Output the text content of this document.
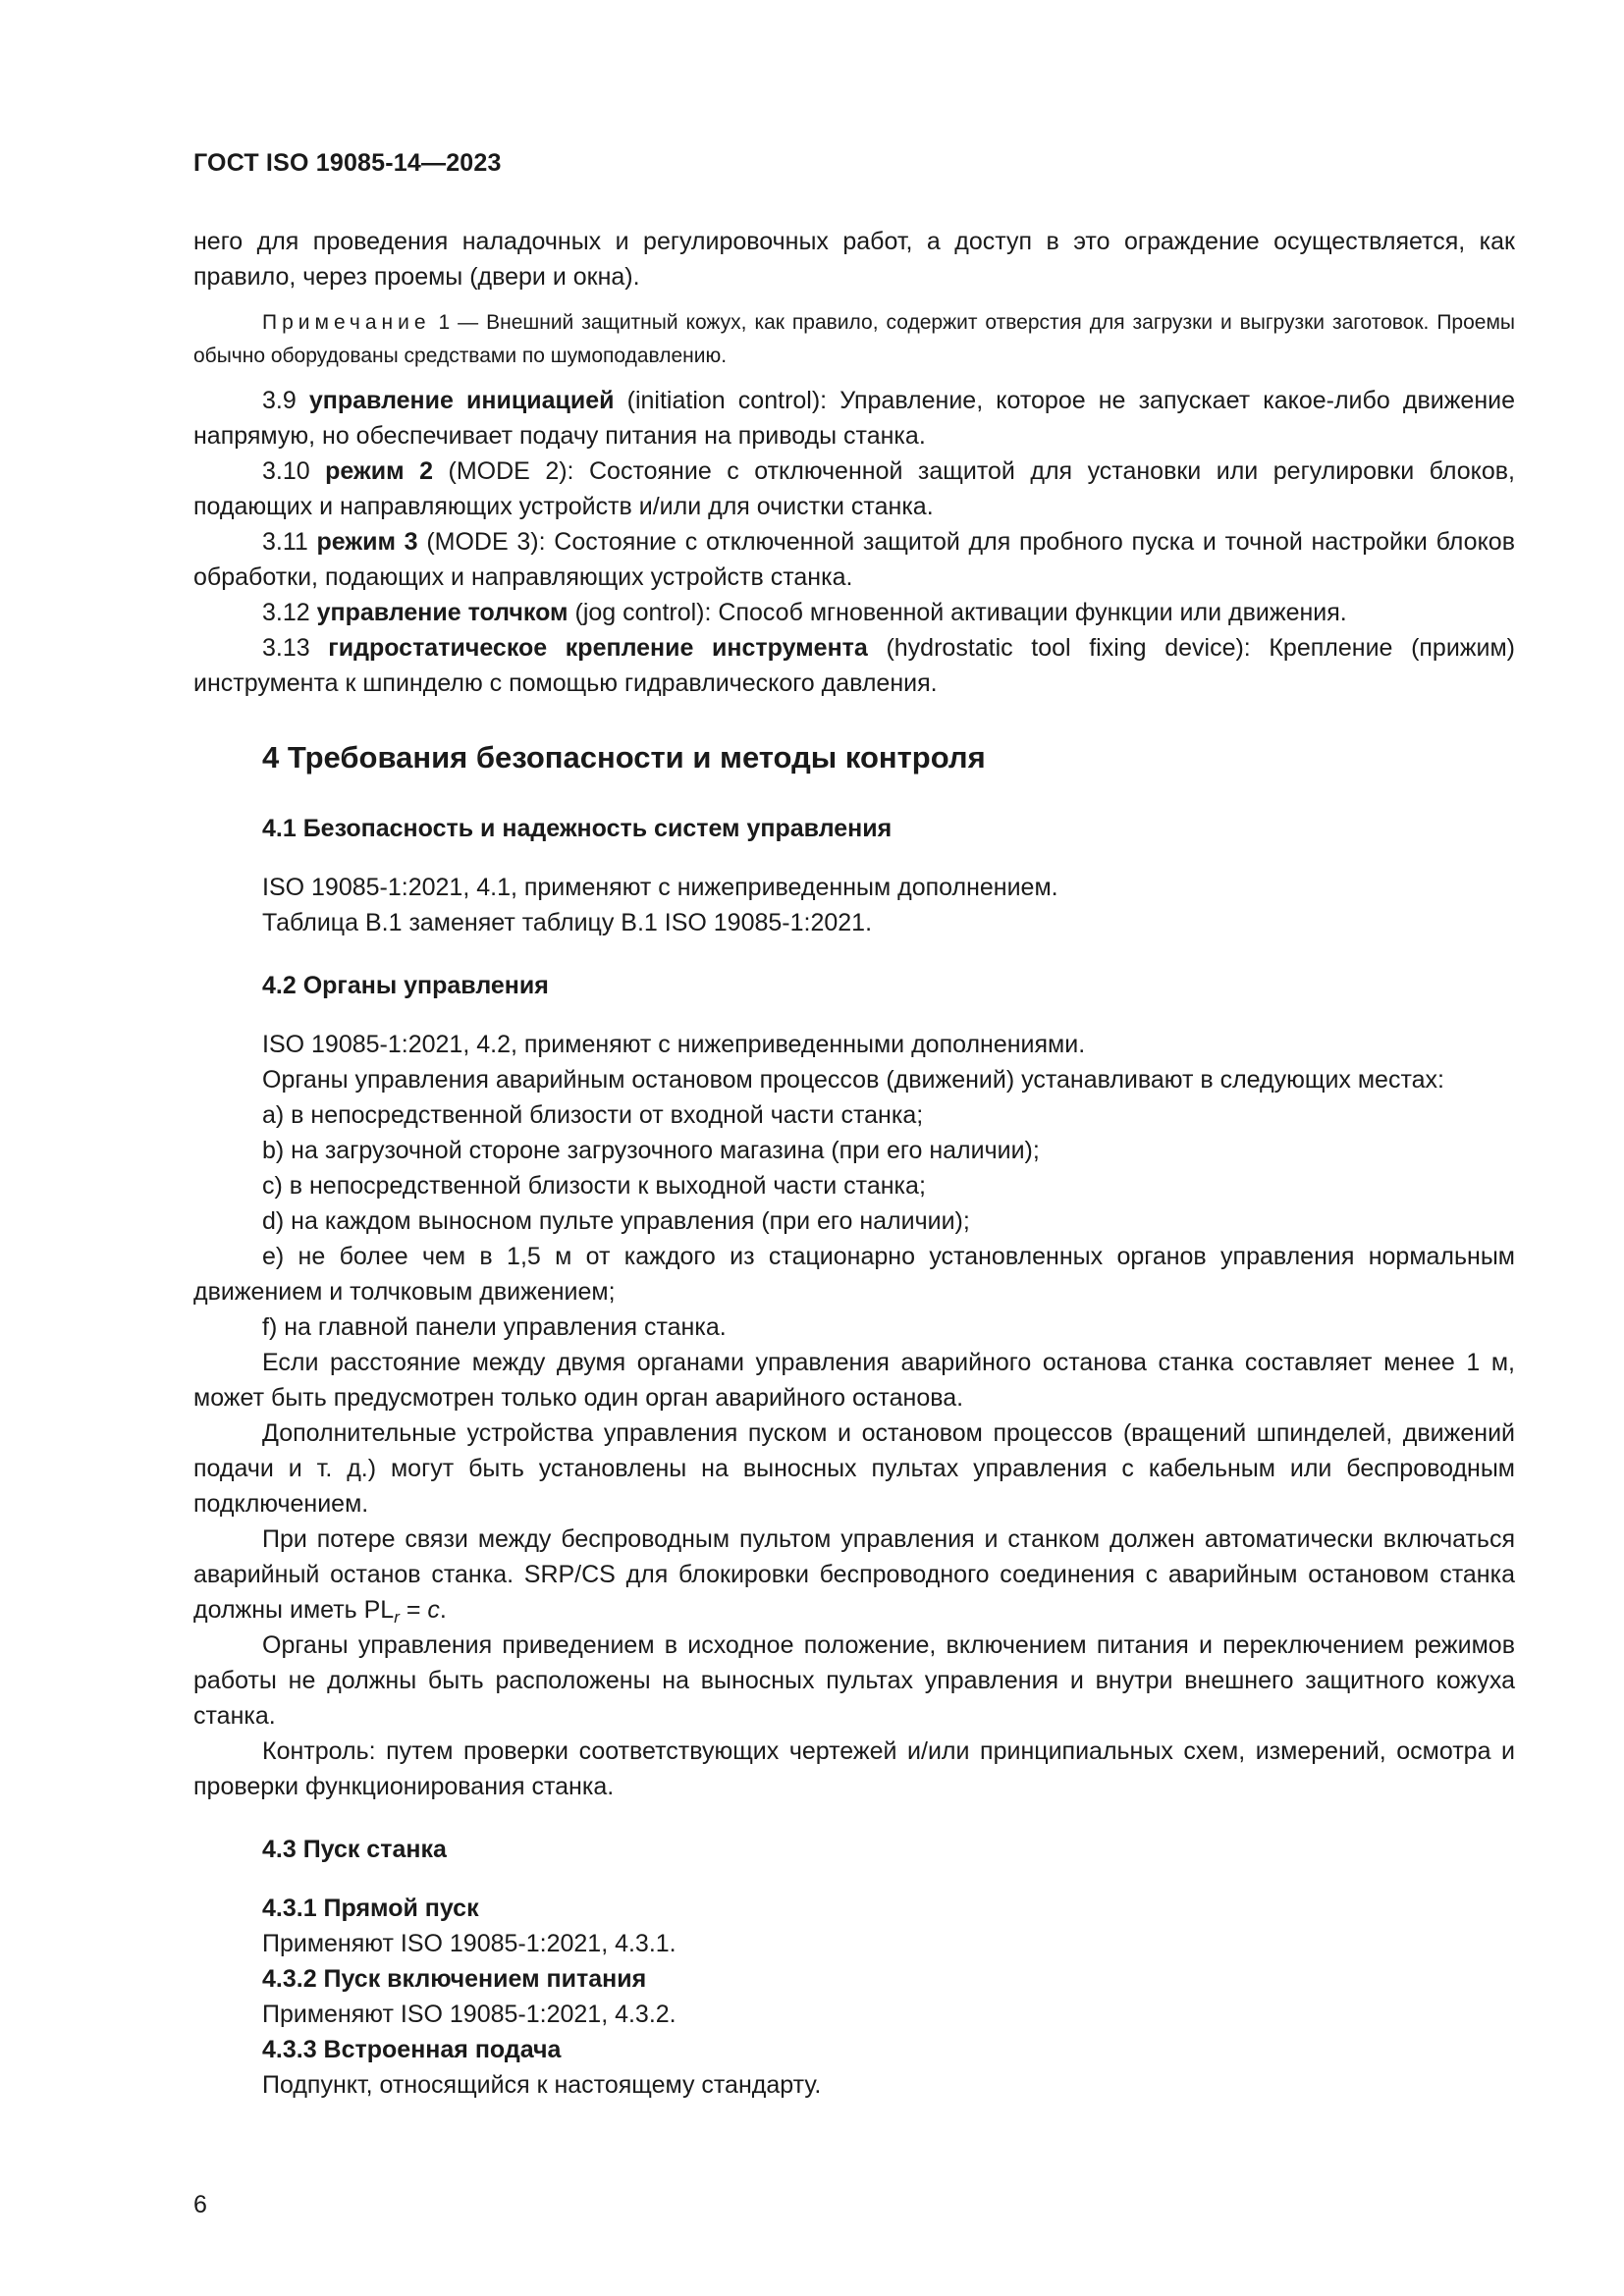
ГОСТ ISO 19085-14—2023

него для проведения наладочных и регулировочных работ, а доступ в это ограждение осуществляется, как правило, через проемы (двери и окна).

Примечание 1 — Внешний защитный кожух, как правило, содержит отверстия для загрузки и выгрузки заготовок. Проемы обычно оборудованы средствами по шумоподавлению.

3.9 управление инициацией (initiation control): Управление, которое не запускает какое-либо движение напрямую, но обеспечивает подачу питания на приводы станка.

3.10 режим 2 (MODE 2): Состояние с отключенной защитой для установки или регулировки блоков, подающих и направляющих устройств и/или для очистки станка.

3.11 режим 3 (MODE 3): Состояние с отключенной защитой для пробного пуска и точной настройки блоков обработки, подающих и направляющих устройств станка.

3.12 управление толчком (jog control): Способ мгновенной активации функции или движения.

3.13 гидростатическое крепление инструмента (hydrostatic tool fixing device): Крепление (прижим) инструмента к шпинделю с помощью гидравлического давления.

4 Требования безопасности и методы контроля

4.1 Безопасность и надежность систем управления

ISO 19085-1:2021, 4.1, применяют с нижеприведенным дополнением.

Таблица В.1 заменяет таблицу В.1 ISO 19085-1:2021.

4.2 Органы управления

ISO 19085-1:2021, 4.2, применяют с нижеприведенными дополнениями.

Органы управления аварийным остановом процессов (движений) устанавливают в следующих местах:

a) в непосредственной близости от входной части станка;

b) на загрузочной стороне загрузочного магазина (при его наличии);

c) в непосредственной близости к выходной части станка;

d) на каждом выносном пульте управления (при его наличии);

e) не более чем в 1,5 м от каждого из стационарно установленных органов управления нормальным движением и толчковым движением;

f) на главной панели управления станка.

Если расстояние между двумя органами управления аварийного останова станка составляет менее 1 м, может быть предусмотрен только один орган аварийного останова.

Дополнительные устройства управления пуском и остановом процессов (вращений шпинделей, движений подачи и т. д.) могут быть установлены на выносных пультах управления с кабельным или беспроводным подключением.

При потере связи между беспроводным пультом управления и станком должен автоматически включаться аварийный останов станка. SRP/CS для блокировки беспроводного соединения с аварийным остановом станка должны иметь $PL_r = c$.

Органы управления приведением в исходное положение, включением питания и переключением режимов работы не должны быть расположены на выносных пультах управления и внутри внешнего защитного кожуха станка.

Контроль: путем проверки соответствующих чертежей и/или принципиальных схем, измерений, осмотра и проверки функционирования станка.

4.3 Пуск станка

4.3.1 Прямой пуск

Применяют ISO 19085-1:2021, 4.3.1.

4.3.2 Пуск включением питания

Применяют ISO 19085-1:2021, 4.3.2.

4.3.3 Встроенная подача

Подпункт, относящийся к настоящему стандарту.

6
